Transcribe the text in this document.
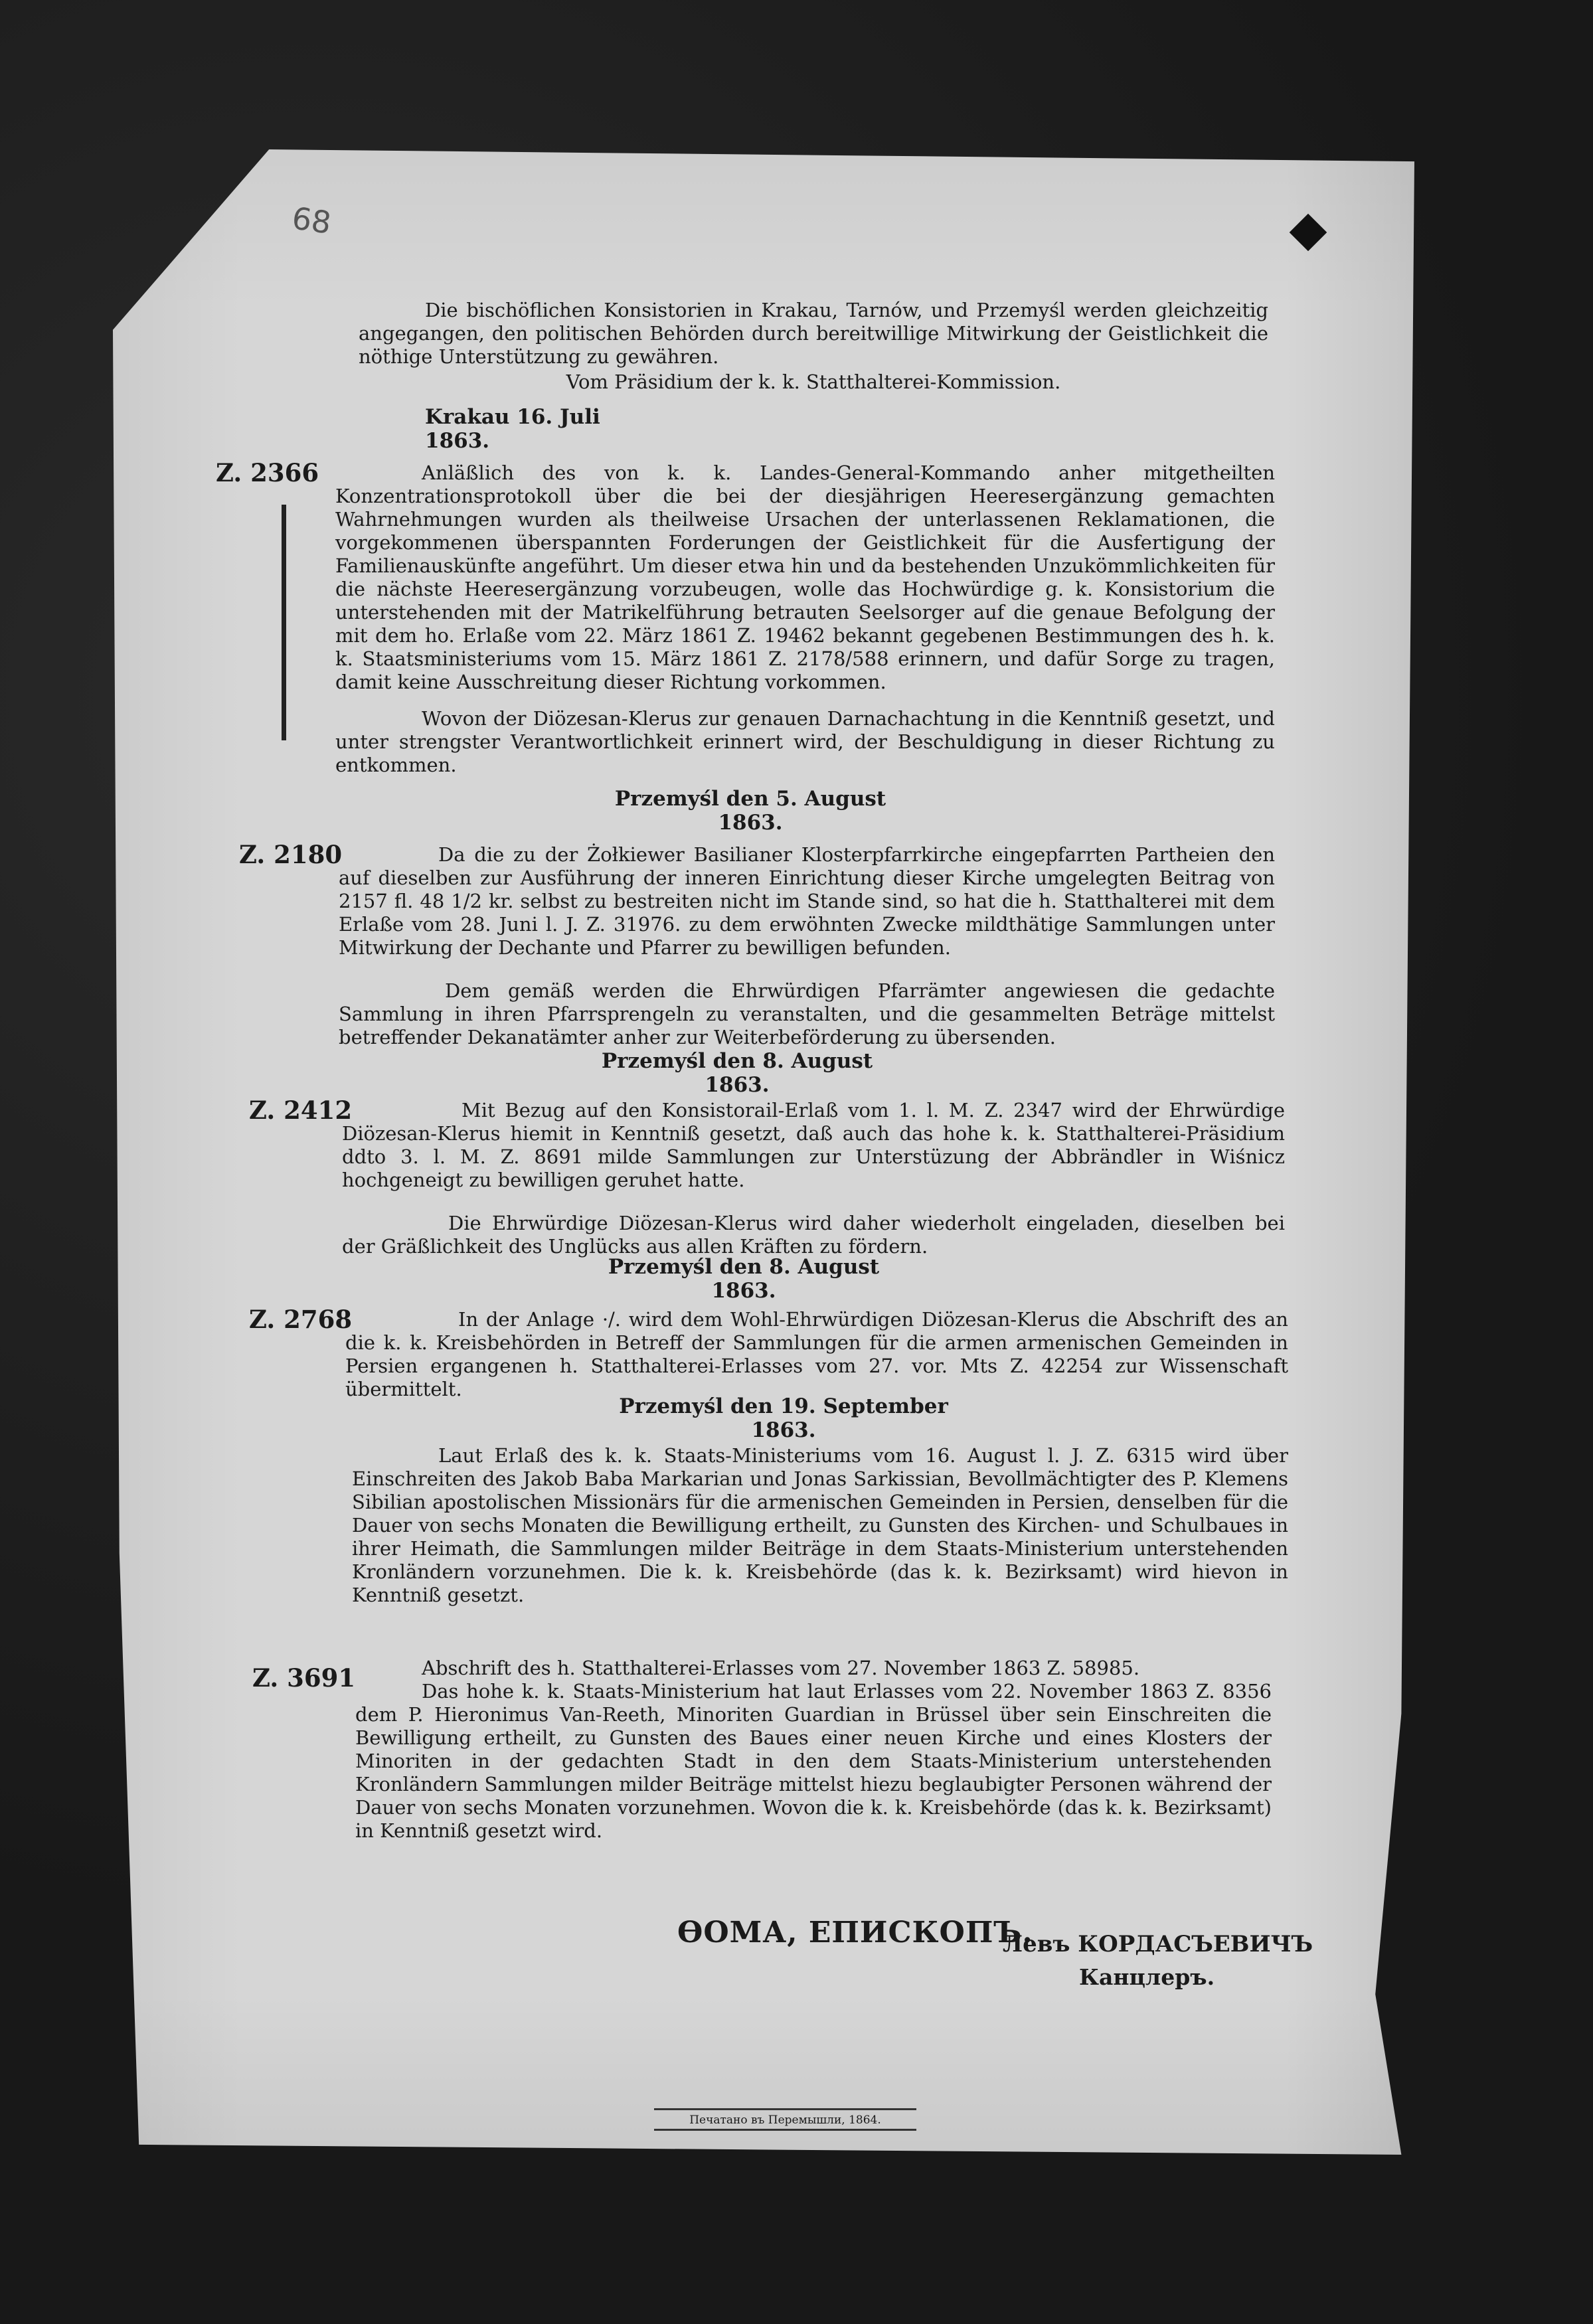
68

Die bischöflichen Konsistorien in Krakau, Tarnów, und Przemyśl werden gleichzeitig angegangen, den politischen Behörden durch bereitwillige Mitwirkung der Geistlichkeit die nöthige Unterstützung zu gewähren.

Vom Präsidium der k. k. Statthalterei-Kommission.

Krakau 16. Juli 1863.
Z. 2366	Anläßlich des von k. k. Landes-General-Kommando anher mitgetheilten Konzentrationsprotokoll über die bei der diesjährigen Heeresergänzung gemachten Wahrnehmungen wurden als theilweise Ursachen der unterlassenen Reklamationen, die vorgekommenen überspannten Forderungen der Geistlichkeit für die Ausfertigung der Familienauskünfte angeführt. Um dieser etwa hin und da bestehenden Unzukömmlichkeiten für die nächste Heeresergänzung vorzubeugen, wolle das Hochwürdige g. k. Konsistorium die unterstehenden mit der Matrikelführung betrauten Seelsorger auf die genaue Befolgung der mit dem ho. Erlaße vom 22. März 1861 Z. 19462 bekannt gegebenen Bestimmungen des h. k. k. Staatsministeriums vom 15. März 1861 Z. 2178/588 erinnern, und dafür Sorge zu tragen, damit keine Ausschreitung dieser Richtung vorkommen.

Wovon der Diözesan-Klerus zur genauen Darnachachtung in die Kenntniß gesetzt, und unter strengster Verantwortlichkeit erinnert wird, der Beschuldigung in dieser Richtung zu entkommen.

Przemyśl den 5. August 1863.
Z. 2180	Da die zu der Żołkiewer Basilianer Klosterpfarrkirche eingepfarrten Partheien den auf dieselben zur Ausführung der inneren Einrichtung dieser Kirche umgelegten Beitrag von 2157 fl. 48 1/2 kr. selbst zu bestreiten nicht im Stande sind, so hat die h. Statthalterei mit dem Erlaße vom 28. Juni l. J. Z. 31976. zu dem erwöhnten Zwecke mildthätige Sammlungen unter Mitwirkung der Dechante und Pfarrer zu bewilligen befunden.

Dem gemäß werden die Ehrwürdigen Pfarrämter angewiesen die gedachte Sammlung in ihren Pfarrsprengeln zu veranstalten, und die gesammelten Beträge mittelst betreffender Dekanatämter anher zur Weiterbeförderung zu übersenden.

Przemyśl den 8. August 1863.
Z. 2412	Mit Bezug auf den Konsistorail-Erlaß vom 1. l. M. Z. 2347 wird der Ehrwürdige Diözesan-Klerus hiemit in Kenntniß gesetzt, daß auch das hohe k. k. Statthalterei-Präsidium ddto 3. l. M. Z. 8691 milde Sammlungen zur Unterstüzung der Abbrändler in Wiśnicz hochgeneigt zu bewilligen geruhet hatte.

Die Ehrwürdige Diözesan-Klerus wird daher wiederholt eingeladen, dieselben bei der Gräßlichkeit des Unglücks aus allen Kräften zu fördern.

Przemyśl den 8. August 1863.
Z. 2768	In der Anlage ·/. wird dem Wohl-Ehrwürdigen Diözesan-Klerus die Abschrift des an die k. k. Kreisbehörden in Betreff der Sammlungen für die armen armenischen Gemeinden in Persien ergangenen h. Statthalterei-Erlasses vom 27. vor. Mts Z. 42254 zur Wissenschaft übermittelt.

Przemyśl den 19. September 1863.

Laut Erlaß des k. k. Staats-Ministeriums vom 16. August l. J. Z. 6315 wird über Einschreiten des Jakob Baba Markarian und Jonas Sarkissian, Bevollmächtigter des P. Klemens Sibilian apostolischen Missionärs für die armenischen Gemeinden in Persien, denselben für die Dauer von sechs Monaten die Bewilligung ertheilt, zu Gunsten des Kirchen- und Schulbaues in ihrer Heimath, die Sammlungen milder Beiträge in dem Staats-Ministerium unterstehenden Kronländern vorzunehmen. Die k. k. Kreisbehörde (das k. k. Bezirksamt) wird hievon in Kenntniß gesetzt.

Z. 3691	Abschrift des h. Statthalterei-Erlasses vom 27. November 1863 Z. 58985.

Das hohe k. k. Staats-Ministerium hat laut Erlasses vom 22. November 1863 Z. 8356 dem P. Hieronimus Van-Reeth, Minoriten Guardian in Brüssel über sein Einschreiten die Bewilligung ertheilt, zu Gunsten des Baues einer neuen Kirche und eines Klosters der Minoriten in der gedachten Stadt in den dem Staats-Ministerium unterstehenden Kronländern Sammlungen milder Beiträge mittelst hiezu beglaubigter Personen während der Dauer von sechs Monaten vorzunehmen. Wovon die k. k. Kreisbehörde (das k. k. Bezirksamt) in Kenntniß gesetzt wird.

ѲОМА, ЕПИСКОПЪ.
Левъ КОРДАСЪЕВИЧЪ
Канцлеръ.
Печатано въ Перемышли, 1864.
